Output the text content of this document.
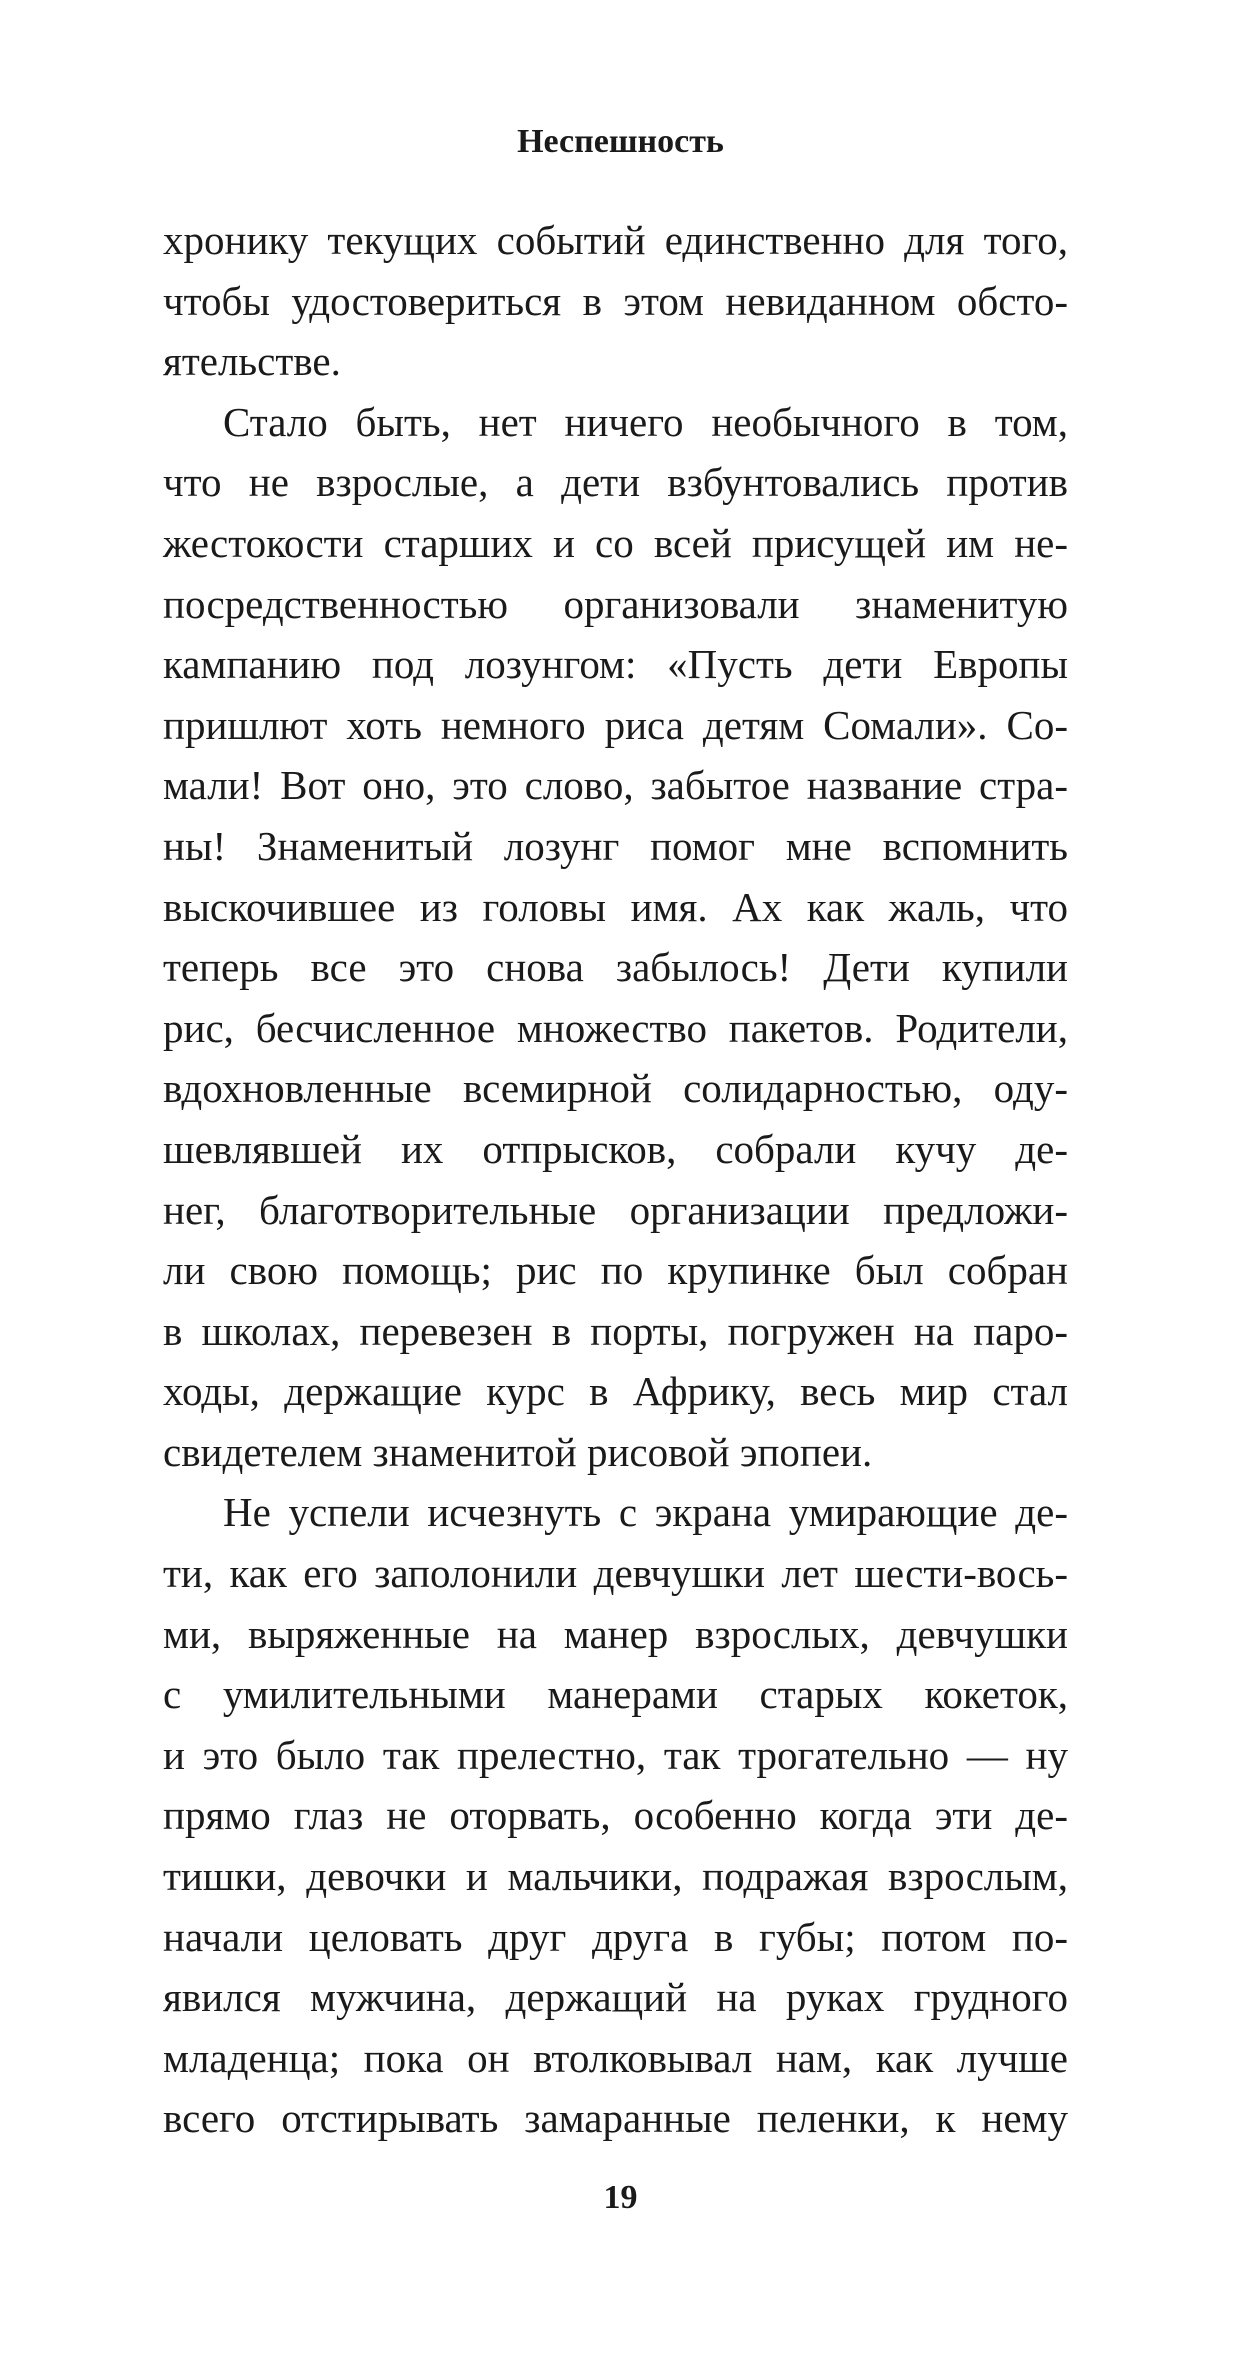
Неспешность
хронику текущих событий единственно для того,
чтобы удостовериться в этом невиданном обсто-
ятельстве.
Стало быть, нет ничего необычного в том,
что не взрослые, а дети взбунтовались против
жестокости старших и со всей присущей им не-
посредственностью организовали знаменитую
кампанию под лозунгом: «Пусть дети Европы
пришлют хоть немного риса детям Сомали». Со-
мали! Вот оно, это слово, забытое название стра-
ны! Знаменитый лозунг помог мне вспомнить
выскочившее из головы имя. Ах как жаль, что
теперь все это снова забылось! Дети купили
рис, бесчисленное множество пакетов. Родители,
вдохновленные всемирной солидарностью, оду-
шевлявшей их отпрысков, собрали кучу де-
нег, благотворительные организации предложи-
ли свою помощь; рис по крупинке был собран
в школах, перевезен в порты, погружен на паро-
ходы, держащие курс в Африку, весь мир стал
свидетелем знаменитой рисовой эпопеи.
Не успели исчезнуть с экрана умирающие де-
ти, как его заполонили девчушки лет шести-вось-
ми, выряженные на манер взрослых, девчушки
с умилительными манерами старых кокеток,
и это было так прелестно, так трогательно — ну
прямо глаз не оторвать, особенно когда эти де-
тишки, девочки и мальчики, подражая взрослым,
начали целовать друг друга в губы; потом по-
явился мужчина, держащий на руках грудного
младенца; пока он втолковывал нам, как лучше
всего отстирывать замаранные пеленки, к нему
19
